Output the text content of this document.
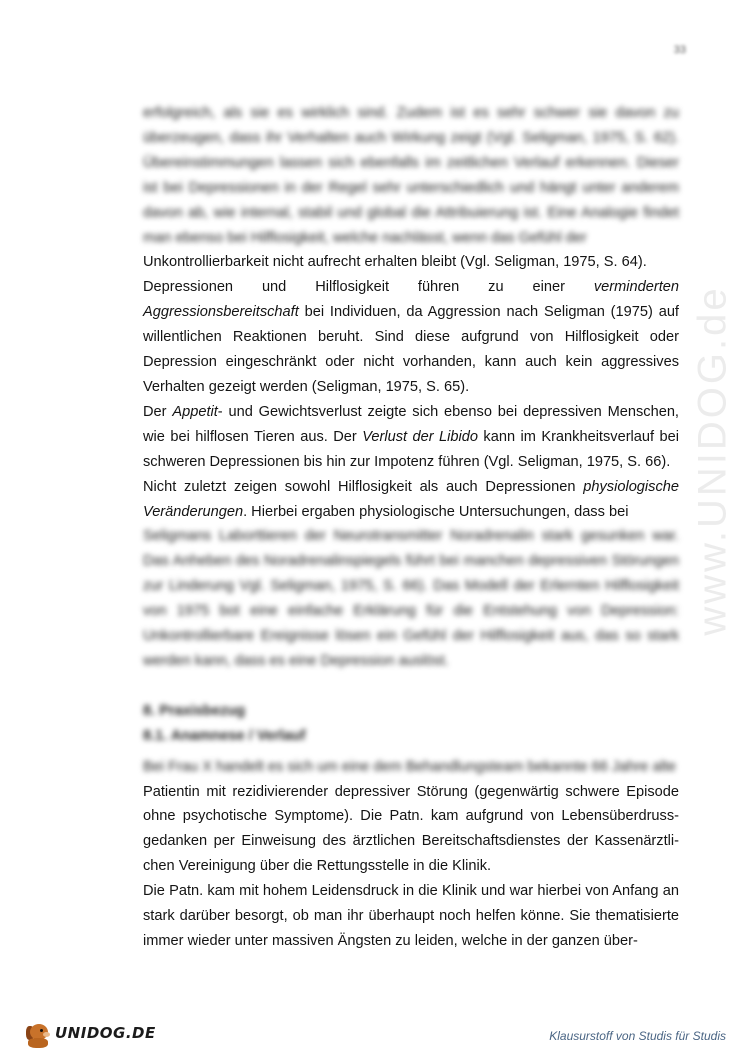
33
www.UNIDOG.de

erfolgreich, als sie es wirklich sind. Zudem ist es sehr schwer sie davon zu überzeugen, dass ihr Verhalten auch Wirkung zeigt (Vgl. Seligman, 1975, S. 62). Übereinstimmungen lassen sich ebenfalls im zeitlichen Verlauf erkennen. Dieser ist bei Depressionen in der Regel sehr unterschiedlich und hängt unter anderem davon ab, wie internal, stabil und global die Attribuierung ist. Eine Analogie findet man ebenso bei Hilflosigkeit, welche nachlässt, wenn das Gefühl der

Unkontrollierbarkeit nicht aufrecht erhalten bleibt (Vgl. Seligman, 1975, S. 64).

Depressionen und Hilflosigkeit führen zu einer verminderten Aggressionsbereitschaft bei Individuen, da Aggression nach Seligman (1975) auf willentlichen Reaktionen beruht. Sind diese aufgrund von Hilflosigkeit oder Depression eingeschränkt oder nicht vorhanden, kann auch kein aggressives Verhalten gezeigt werden (Seligman, 1975, S. 65).

Der Appetit- und Gewichtsverlust zeigte sich ebenso bei depressiven Menschen, wie bei hilflosen Tieren aus. Der Verlust der Libido kann im Krankheitsverlauf bei schweren Depressionen bis hin zur Impotenz führen (Vgl. Seligman, 1975, S. 66).

Nicht zuletzt zeigen sowohl Hilflosigkeit als auch Depressionen physiologische Veränderungen. Hierbei ergaben physiologische Untersuchungen, dass bei

Seligmans Laborttieren der Neurotransmitter Noradrenalin stark gesunken war. Das Anheben des Noradrenalinspiegels führt bei manchen depressiven Störungen zur Linderung Vgl. Seligman, 1975, S. 66). Das Modell der Erlernten Hilflosigkeit von 1975 bot eine einfache Erklärung für die Entstehung von Depression: Unkontrollierbare Ereignisse lösen ein Gefühl der Hilflosigkeit aus, das so stark werden kann, dass es eine Depression auslöst.

8. Praxisbezug

8.1. Anamnese / Verlauf

Bei Frau X handelt es sich um eine dem Behandlungsteam bekannte 66 Jahre alte

Patientin mit rezidivierender depressiver Störung (gegenwärtig schwere Episode ohne psychotische Symptome). Die Patn. kam aufgrund von Lebensüberdruss-gedanken per Einweisung des ärztlichen Bereitschaftsdienstes der Kassenärztli-chen Vereinigung über die Rettungsstelle in die Klinik.

Die Patn. kam mit hohem Leidensdruck in die Klinik und war hierbei von Anfang an stark darüber besorgt, ob man ihr überhaupt noch helfen könne. Sie thematisierte immer wieder unter massiven Ängsten zu leiden, welche in der ganzen über-

UNIDOG.DE	Klausurstoff von Studis für Studis
